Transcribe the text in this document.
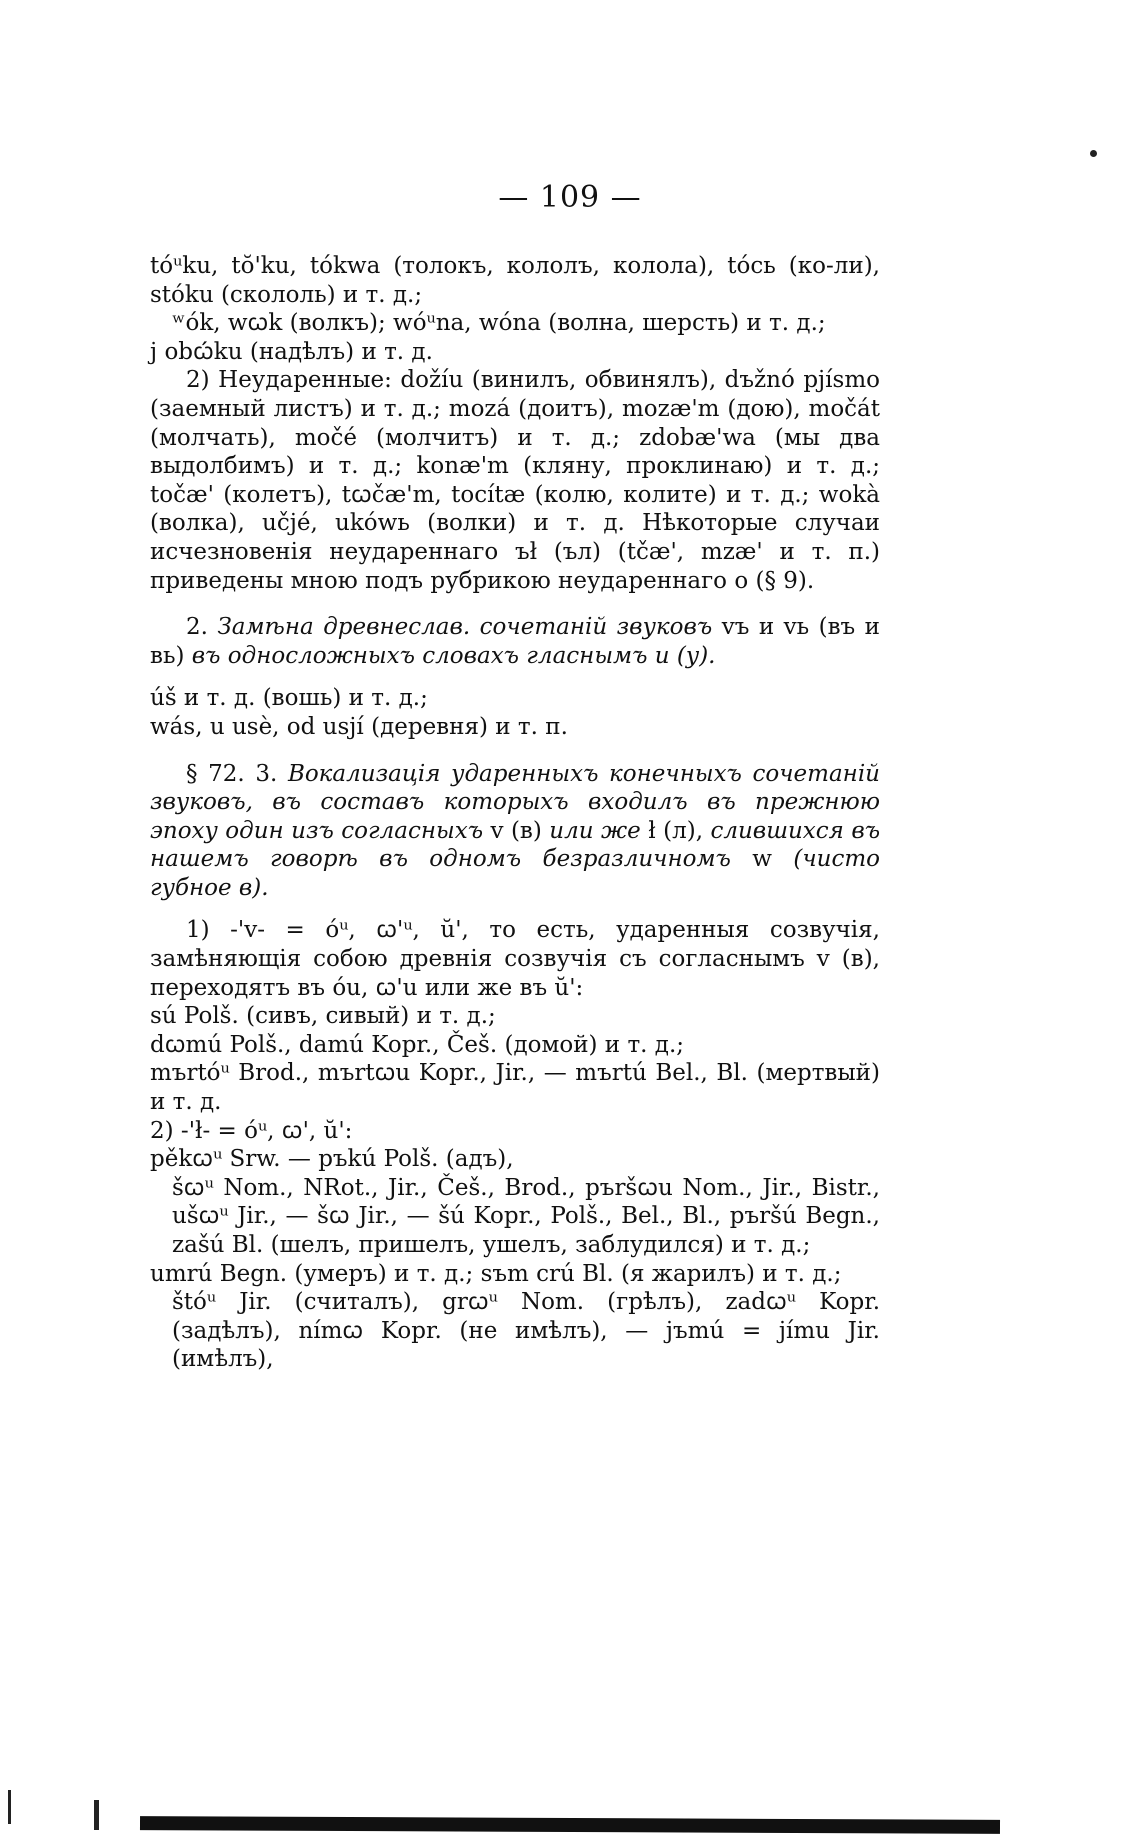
— 109 —

tóᵘku, tŏ'ku, tókwa (толокъ, кололъ, колола), tóсь (ко-ли), stóku (скололь) и т. д.;

ʷók, wꞷk (волкъ); wóᵘna, wóna (волна, шерсть) и т. д.;

j obꞷ́ku (надѣлъ) и т. д.

2) Неударенные: dožíu (винилъ, обвинялъ), dъžnó pjísmo (заемный листъ) и т. д.; mozá (доитъ), mozæ'm (дою), močát (молчать), močé (молчитъ) и т. д.; zdobæ'wa (мы два выдолбимъ) и т. д.; konæ'm (кляну, проклинаю) и т. д.; točæ' (колетъ), tꞷčæ'm, tocítæ (колю, колите) и т. д.; wokà (волка), učjé, ukówь (волки) и т. д. Нѣкоторые случаи исчезновенія неудареннаго ъł (ъл) (tčæ', mzæ' и т. п.) приведены мною подъ рубрикою неудареннаго o (§ 9).

2. Замѣна древнеслав. сочетаній звуковъ vъ и vь (въ и вь) въ односложныхъ словахъ гласнымъ u (у).

úš и т. д. (вошь) и т. д.;

wás, u usè, od usjí (деревня) и т. п.

§ 72. 3. Вокализація ударенныхъ конечныхъ сочетаній звуковъ, въ составъ которыхъ входилъ въ прежнюю эпоху один изъ согласныхъ v (в) или же ł (л), слившихся въ нашемъ говорѣ въ одномъ безразличномъ w (чисто губное в).

1) -'v- = óᵘ, ꞷ'ᵘ, ŭ', то есть, ударенныя созвучія, замѣняющія собою древнія созвучія съ согласнымъ v (в), переходятъ въ óu, ꞷ'u или же въ ŭ':

sú Polš. (сивъ, сивый) и т. д.;

dꞷmú Polš., damú Kopr., Češ. (домой) и т. д.;

mъrtóᵘ Brod., mъrtꞷu Kopr., Jir., — mъrtú Bel., Bl. (мертвый) и т. д.

2) -'ł- = óᵘ, ꞷ', ŭ':

pěkꞷᵘ Srw. — pъkú Polš. (адъ),

šꞷᵘ Nom., NRot., Jir., Češ., Brod., pъršꞷu Nom., Jir., Bistr., ušꞷᵘ Jir., — šꞷ Jir., — šú Kopr., Polš., Bel., Bl., pъršú Begn., zašú Bl. (шелъ, пришелъ, ушелъ, заблудился) и т. д.;

umrú Begn. (умеръ) и т. д.; sъm crú Bl. (я жарилъ) и т. д.;

štóᵘ Jir. (считалъ), grꞷᵘ Nom. (грѣлъ), zadꞷᵘ Kopr. (задѣлъ), nímꞷ Kopr. (не имѣлъ), — jъmú = jímu Jir. (имѣлъ),
